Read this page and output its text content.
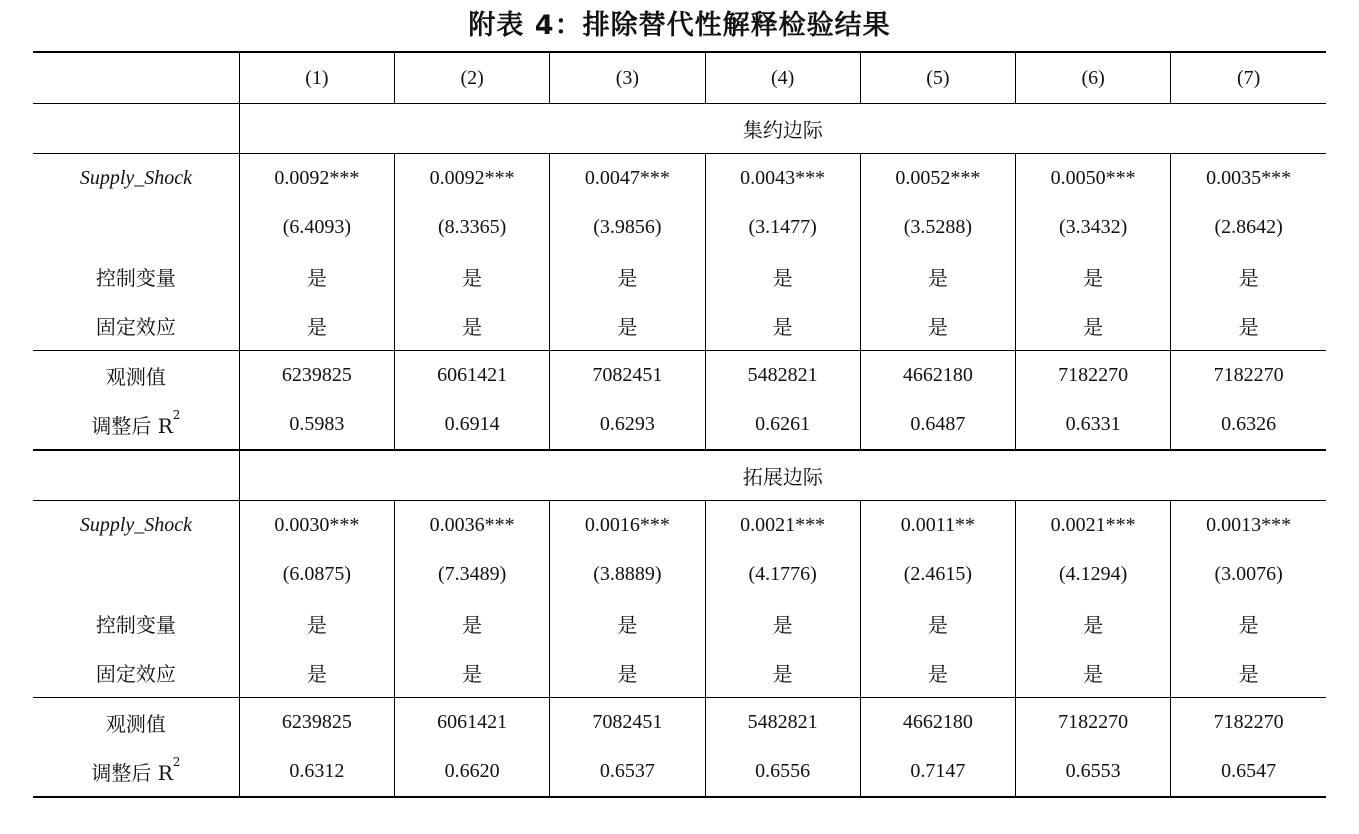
附表 4：排除替代性解释检验结果
	(1)	(2)	(3)	(4)	(5)	(6)	(7)
	集约边际						
Supply_Shock	0.0092***	0.0092***	0.0047***	0.0043***	0.0052***	0.0050***	0.0035***
	(6.4093)	(8.3365)	(3.9856)	(3.1477)	(3.5288)	(3.3432)	(2.8642)
控制变量	是	是	是	是	是	是	是
固定效应	是	是	是	是	是	是	是
观测值	6239825	6061421	7082451	5482821	4662180	7182270	7182270
调整后 $R^2$	0.5983	0.6914	0.6293	0.6261	0.6487	0.6331	0.6326
	拓展边际						
Supply_Shock	0.0030***	0.0036***	0.0016***	0.0021***	0.0011**	0.0021***	0.0013***
	(6.0875)	(7.3489)	(3.8889)	(4.1776)	(2.4615)	(4.1294)	(3.0076)
控制变量	是	是	是	是	是	是	是
固定效应	是	是	是	是	是	是	是
观测值	6239825	6061421	7082451	5482821	4662180	7182270	7182270
调整后 $R^2$	0.6312	0.6620	0.6537	0.6556	0.7147	0.6553	0.6547
